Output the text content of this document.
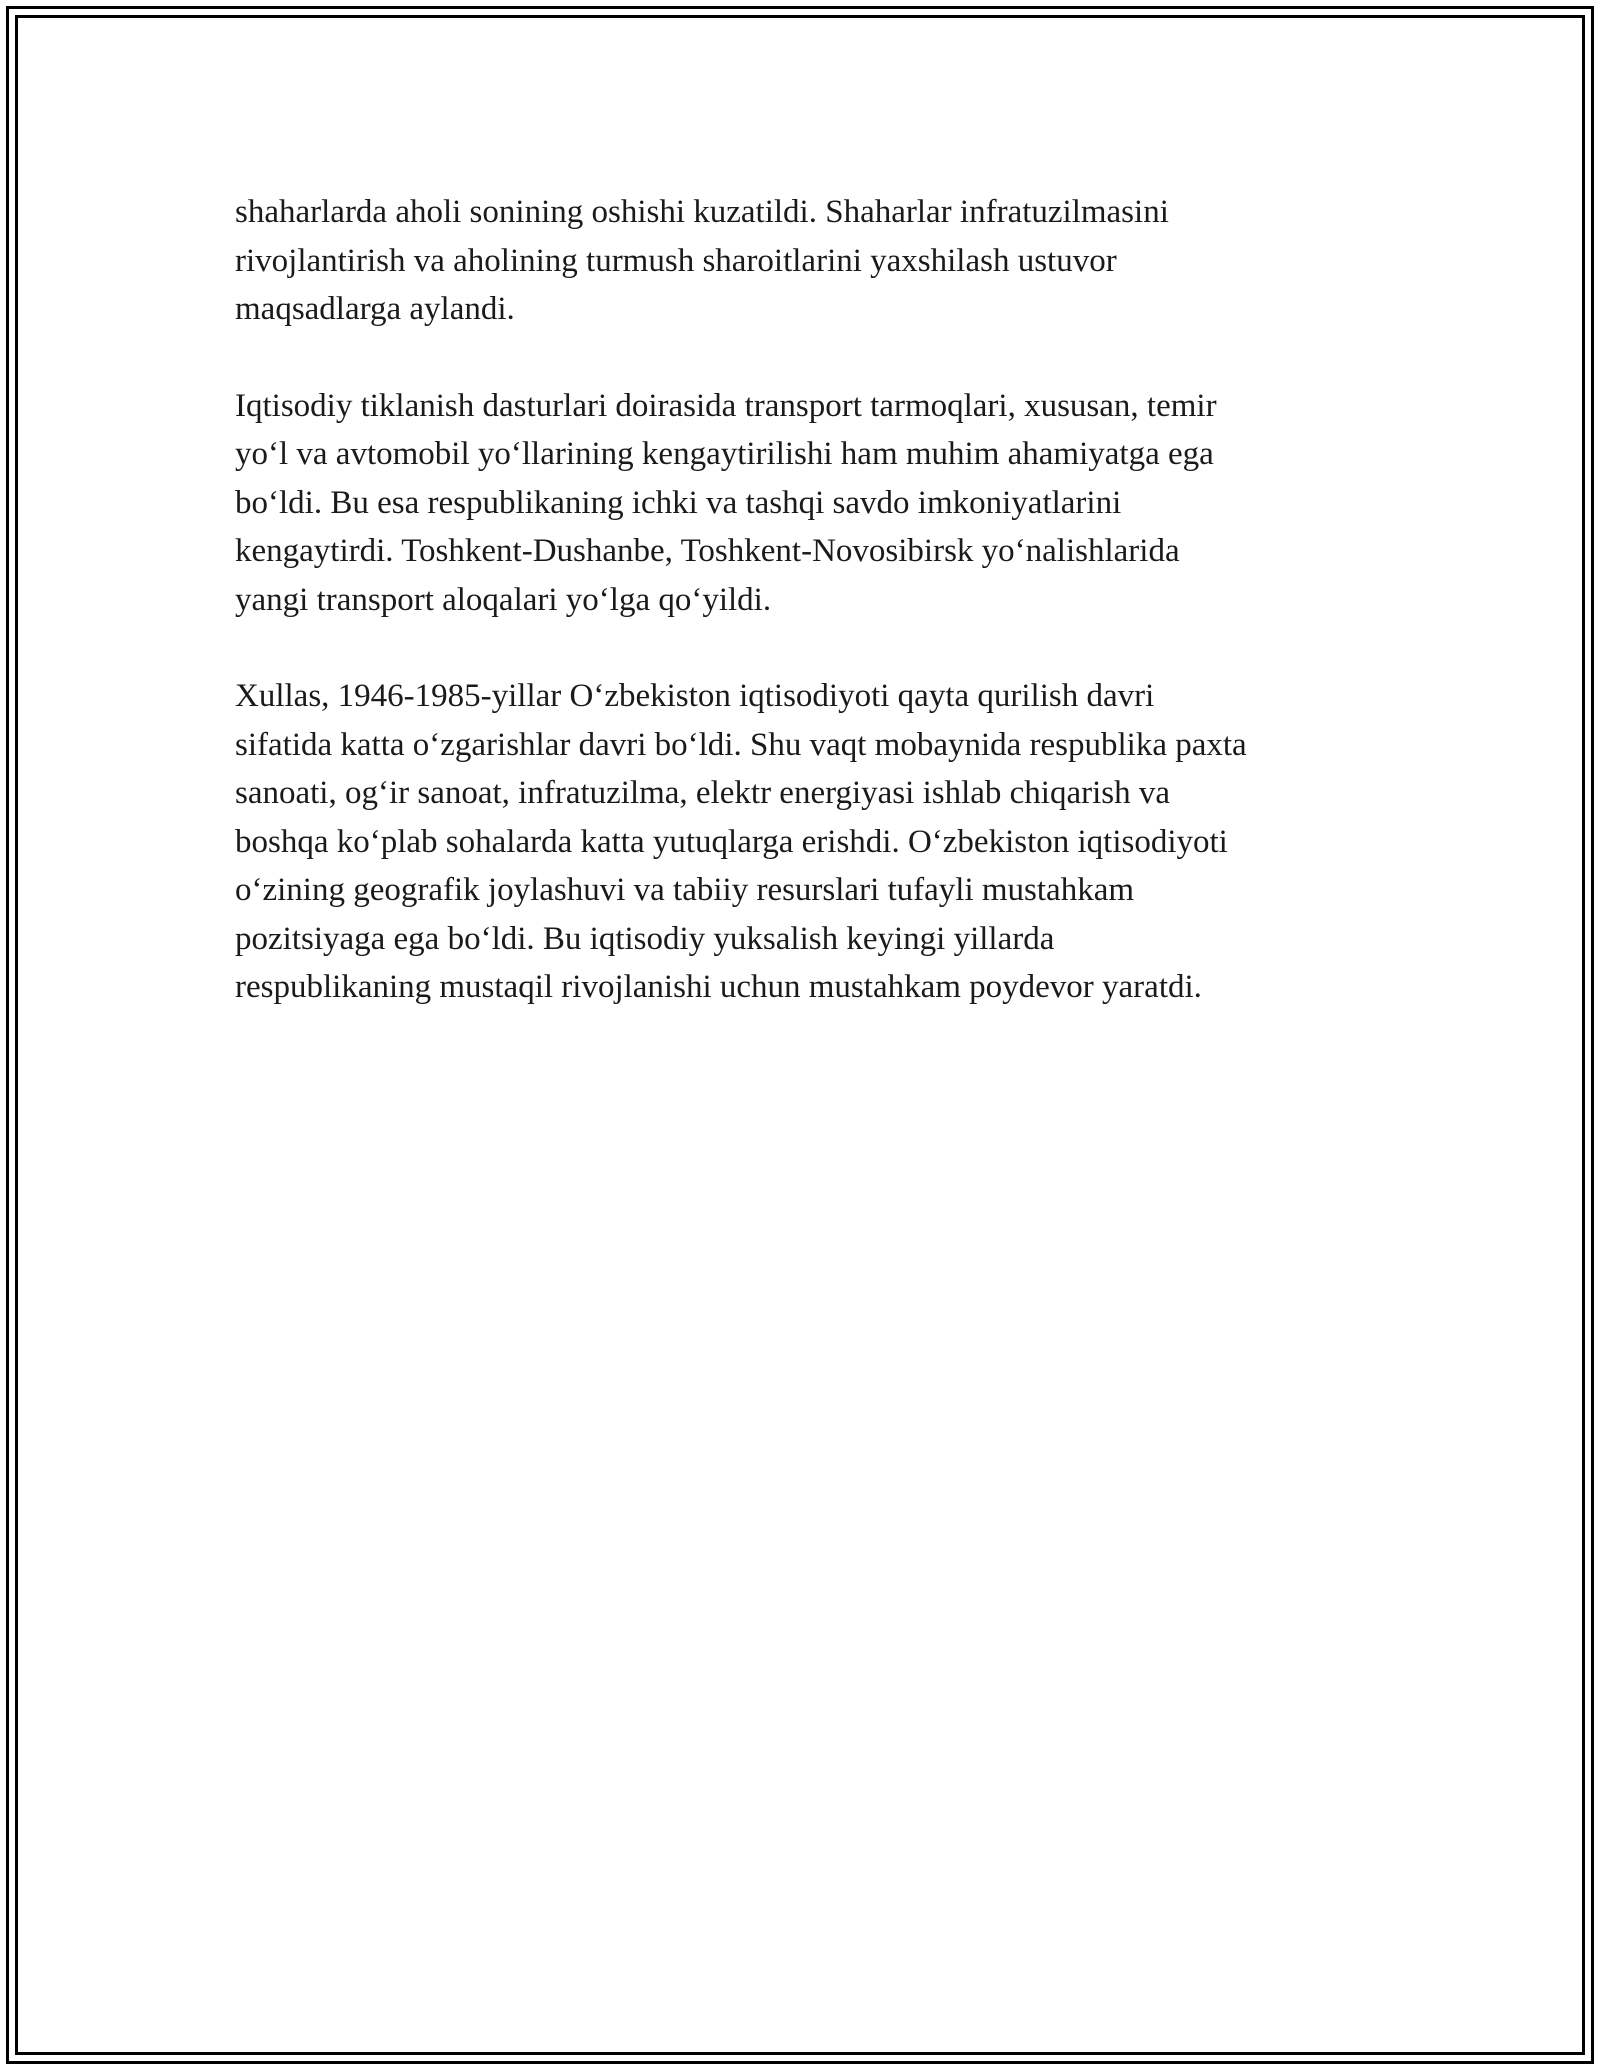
shaharlarda aholi sonining oshishi kuzatildi. Shaharlar infratuzilmasini
rivojlantirish va aholining turmush sharoitlarini yaxshilash ustuvor
maqsadlarga aylandi.

Iqtisodiy tiklanish dasturlari doirasida transport tarmoqlari, xususan, temir
yo‘l va avtomobil yo‘llarining kengaytirilishi ham muhim ahamiyatga ega
bo‘ldi. Bu esa respublikaning ichki va tashqi savdo imkoniyatlarini
kengaytirdi. Toshkent-Dushanbe, Toshkent-Novosibirsk yo‘nalishlarida
yangi transport aloqalari yo‘lga qo‘yildi.

Xullas, 1946-1985-yillar O‘zbekiston iqtisodiyoti qayta qurilish davri
sifatida katta o‘zgarishlar davri bo‘ldi. Shu vaqt mobaynida respublika paxta
sanoati, og‘ir sanoat, infratuzilma, elektr energiyasi ishlab chiqarish va
boshqa ko‘plab sohalarda katta yutuqlarga erishdi. O‘zbekiston iqtisodiyoti
o‘zining geografik joylashuvi va tabiiy resurslari tufayli mustahkam
pozitsiyaga ega bo‘ldi. Bu iqtisodiy yuksalish keyingi yillarda
respublikaning mustaqil rivojlanishi uchun mustahkam poydevor yaratdi.
